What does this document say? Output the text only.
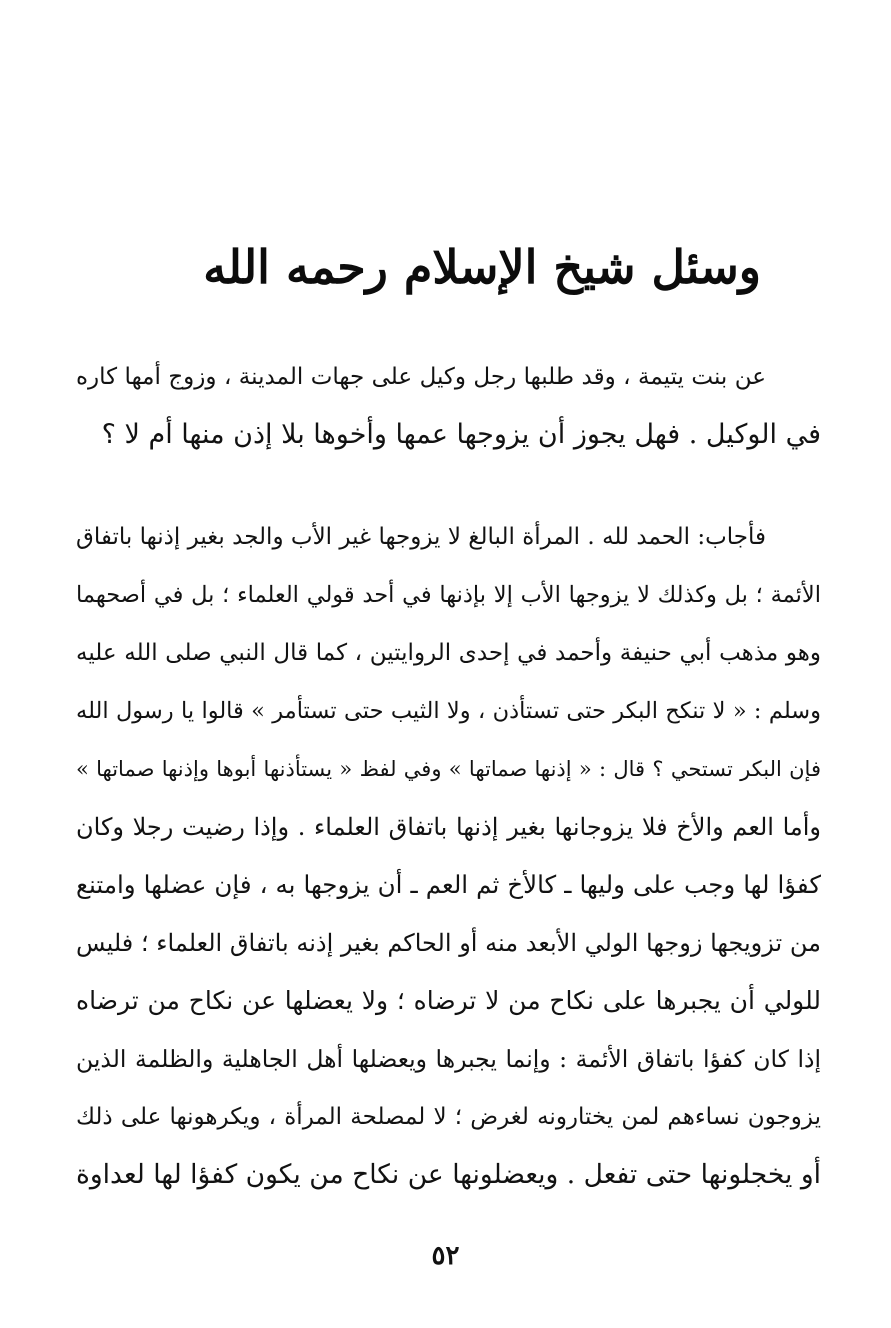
وسئل شيخ الإسلام رحمه الله
عن بنت يتيمة ، وقد طلبها رجل وكيل على جهات المدينة ، وزوج أمها كاره
في الوكيل . فهل يجوز أن يزوجها عمها وأخوها بلا إذن منها أم لا ؟
فأجاب: الحمد لله . المرأة البالغ لا يزوجها غير الأب والجد بغير إذنها باتفاق
الأئمة ؛ بل وكذلك لا يزوجها الأب إلا بإذنها في أحد قولي العلماء ؛ بل في أصحهما
وهو مذهب أبي حنيفة وأحمد في إحدى الروايتين ، كما قال النبي صلى الله عليه
وسلم : « لا تنكح البكر حتى تستأذن ، ولا الثيب حتى تستأمر » قالوا يا رسول الله
فإن البكر تستحي ؟ قال : « إذنها صماتها » وفي لفظ « يستأذنها أبوها وإذنها صماتها »
وأما العم والأخ فلا يزوجانها بغير إذنها باتفاق العلماء . وإذا رضيت رجلا وكان
كفؤا لها وجب على وليها ـ كالأخ ثم العم ـ أن يزوجها به ، فإن عضلها وامتنع
من تزويجها زوجها الولي الأبعد منه أو الحاكم بغير إذنه باتفاق العلماء ؛ فليس
للولي أن يجبرها على نكاح من لا ترضاه ؛ ولا يعضلها عن نكاح من ترضاه
إذا كان كفؤا باتفاق الأئمة : وإنما يجبرها ويعضلها أهل الجاهلية والظلمة الذين
يزوجون نساءهم لمن يختارونه لغرض ؛ لا لمصلحة المرأة ، ويكرهونها على ذلك
أو يخجلونها حتى تفعل . ويعضلونها عن نكاح من يكون كفؤا لها لعداوة
٥٢
